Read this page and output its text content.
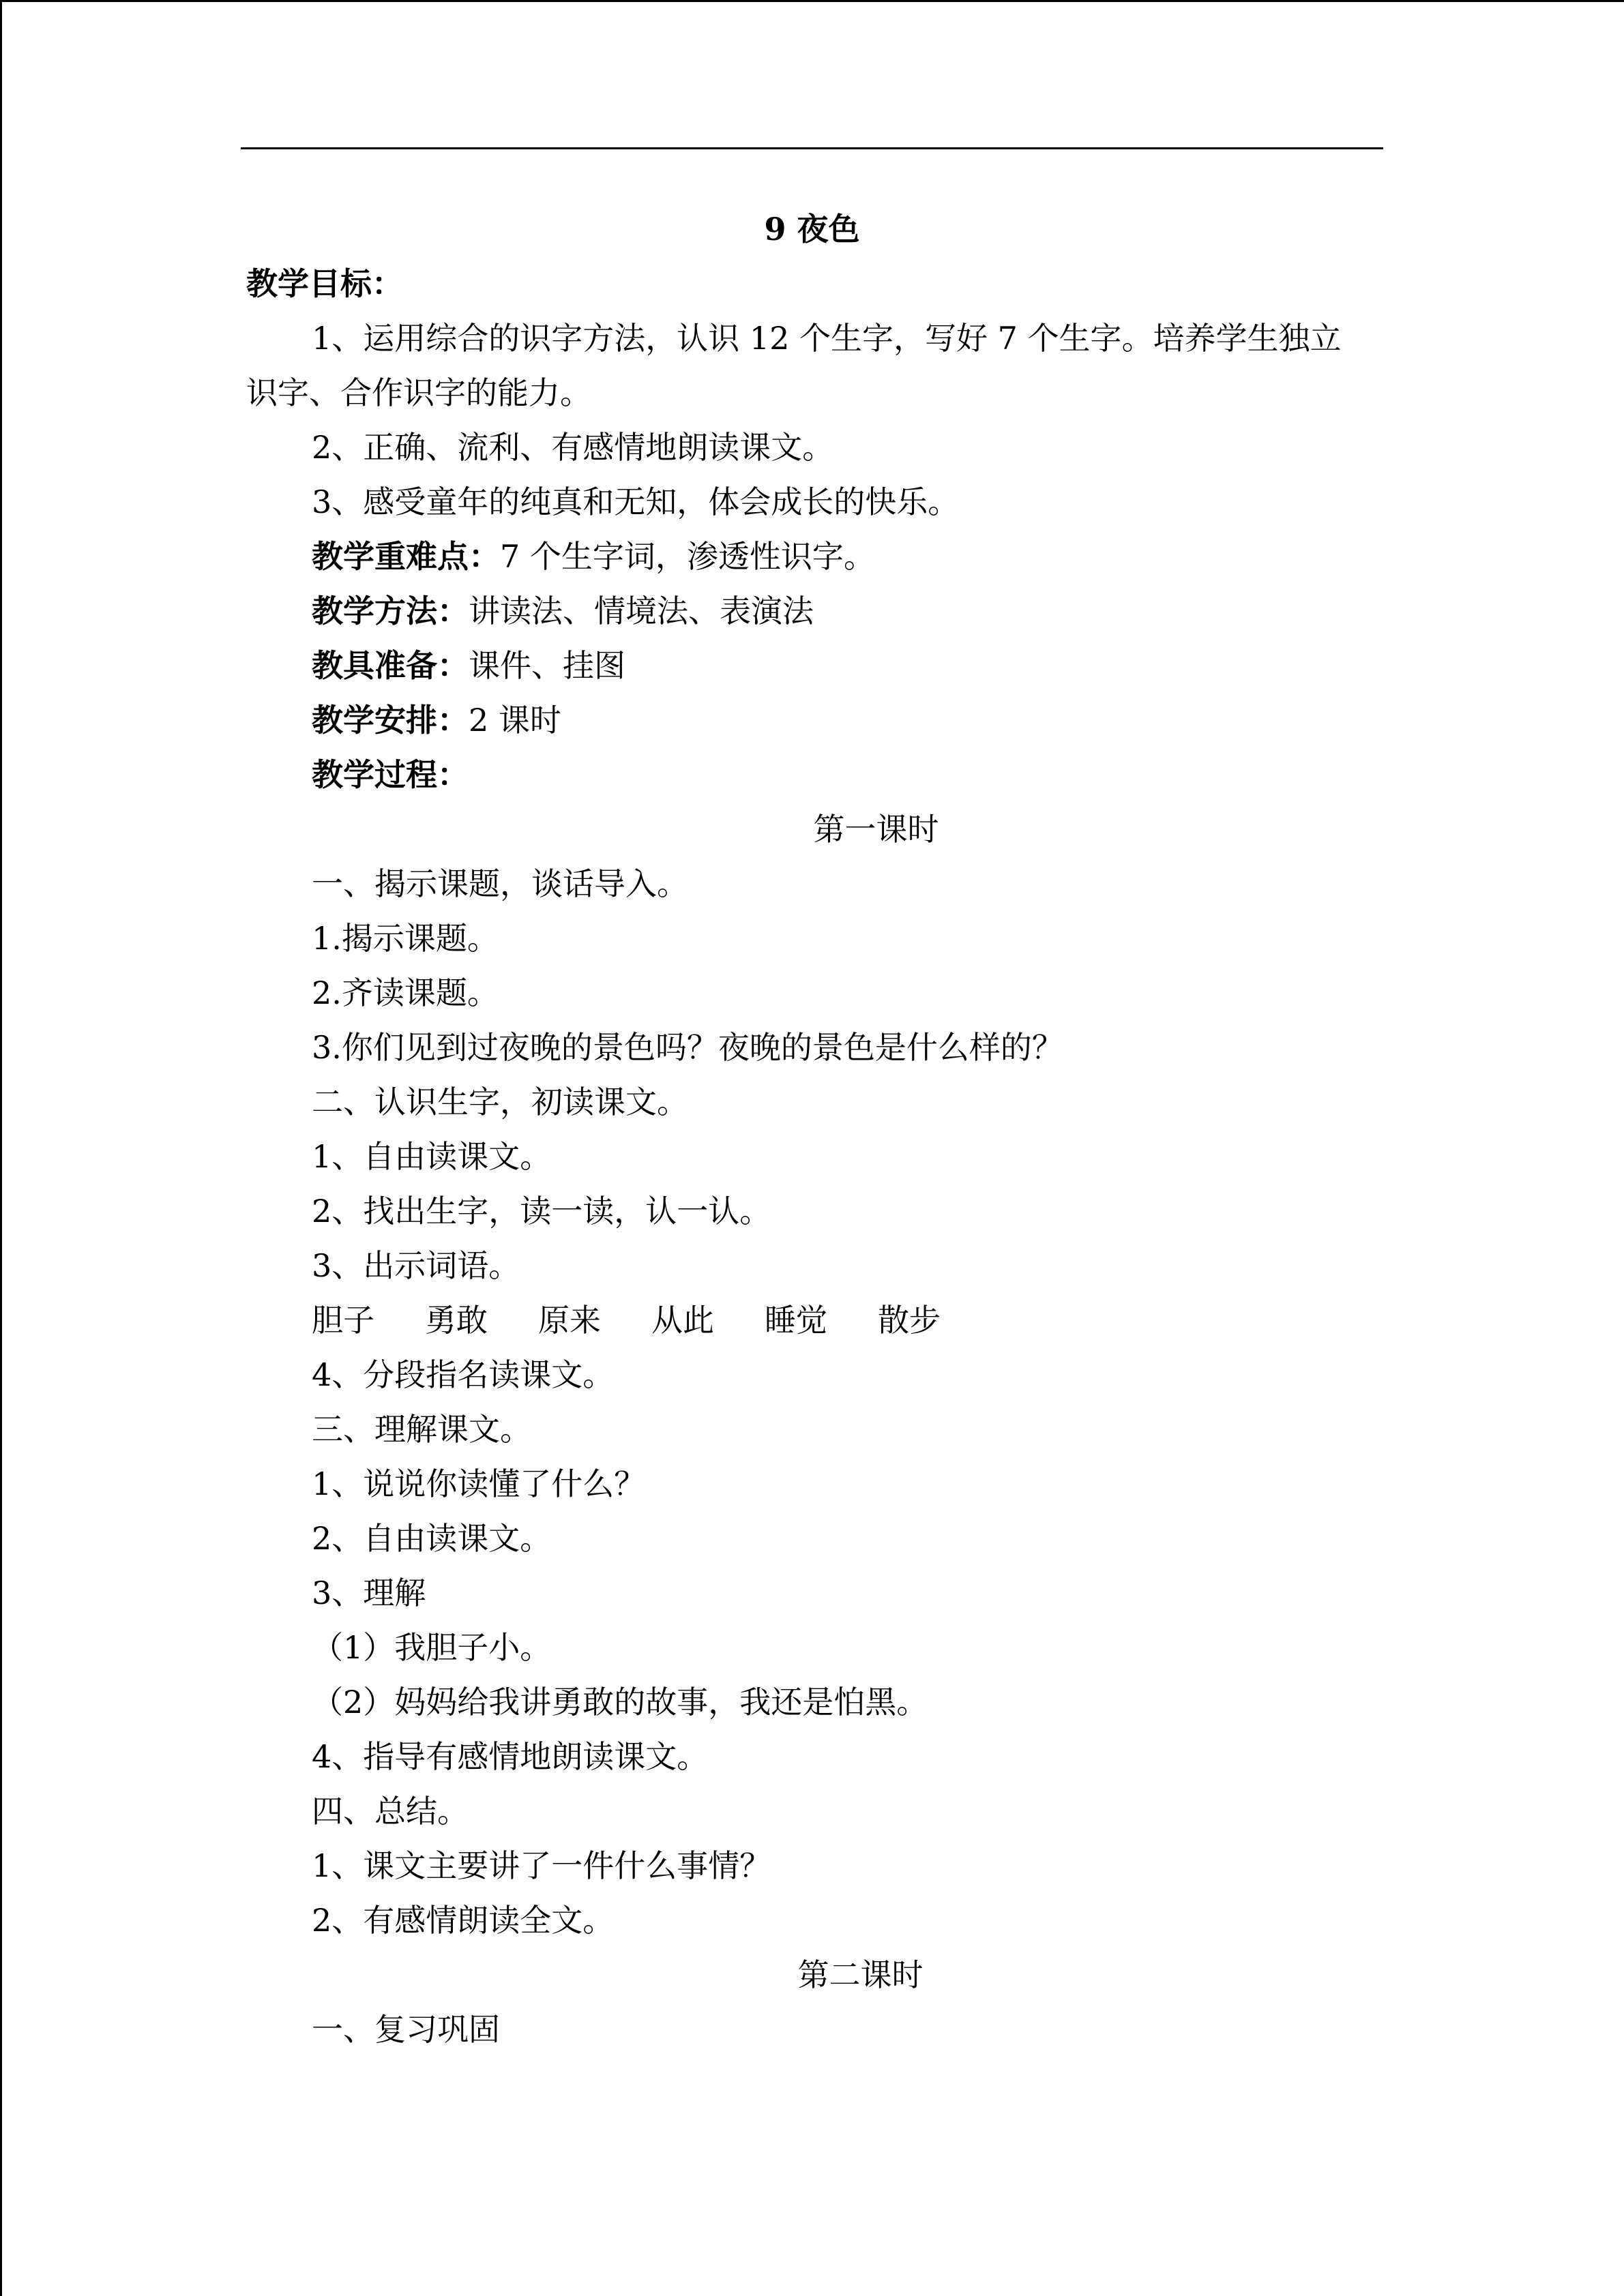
9 夜色
教学目标：
1、运用综合的识字方法，认识 12 个生字，写好 7 个生字。培养学生独立
识字、合作识字的能力。
2、正确、流利、有感情地朗读课文。
3、感受童年的纯真和无知，体会成长的快乐。
教学重难点：7 个生字词，渗透性识字。
教学方法：讲读法、情境法、表演法
教具准备：课件、挂图
教学安排：2 课时
教学过程：
第一课时
一、揭示课题，谈话导入。
1.揭示课题。
2.齐读课题。
3.你们见到过夜晚的景色吗？夜晚的景色是什么样的？
二、认识生字，初读课文。
1、自由读课文。
2、找出生字，读一读，认一认。
3、出示词语。
胆子 勇敢 原来 从此 睡觉 散步
4、分段指名读课文。
三、理解课文。
1、说说你读懂了什么？
2、自由读课文。
3、理解
（1）我胆子小。
（2）妈妈给我讲勇敢的故事，我还是怕黑。
4、指导有感情地朗读课文。
四、总结。
1、课文主要讲了一件什么事情？
2、有感情朗读全文。
第二课时
一、复习巩固
